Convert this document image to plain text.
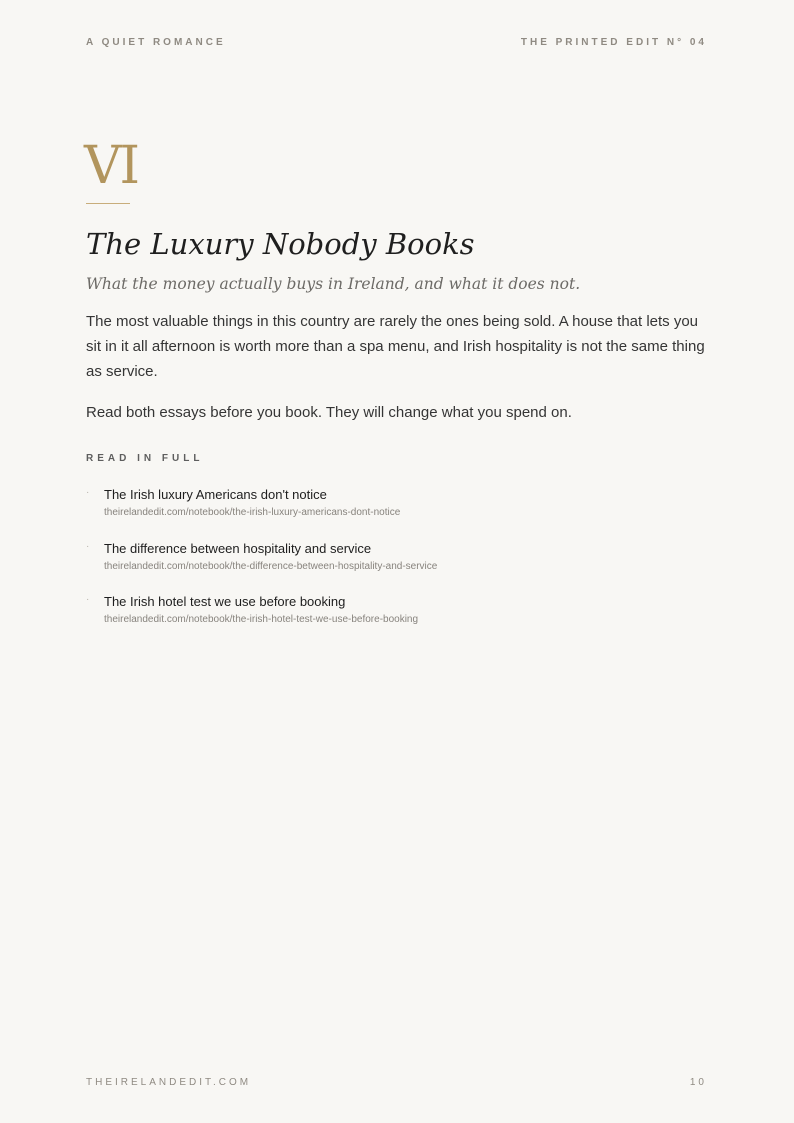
A QUIET ROMANCE	THE PRINTED EDIT N° 04
VI
The Luxury Nobody Books
What the money actually buys in Ireland, and what it does not.

The most valuable things in this country are rarely the ones being sold. A house that lets you sit in it all afternoon is worth more than a spa menu, and Irish hospitality is not the same thing as service.

Read both essays before you book. They will change what you spend on.

READ IN FULL
· The Irish luxury Americans don't notice
theirelandedit.com/notebook/the-irish-luxury-americans-dont-notice
· The difference between hospitality and service
theirelandedit.com/notebook/the-difference-between-hospitality-and-service
· The Irish hotel test we use before booking
theirelandedit.com/notebook/the-irish-hotel-test-we-use-before-booking
THEIRELANDEDIT.COM	10
